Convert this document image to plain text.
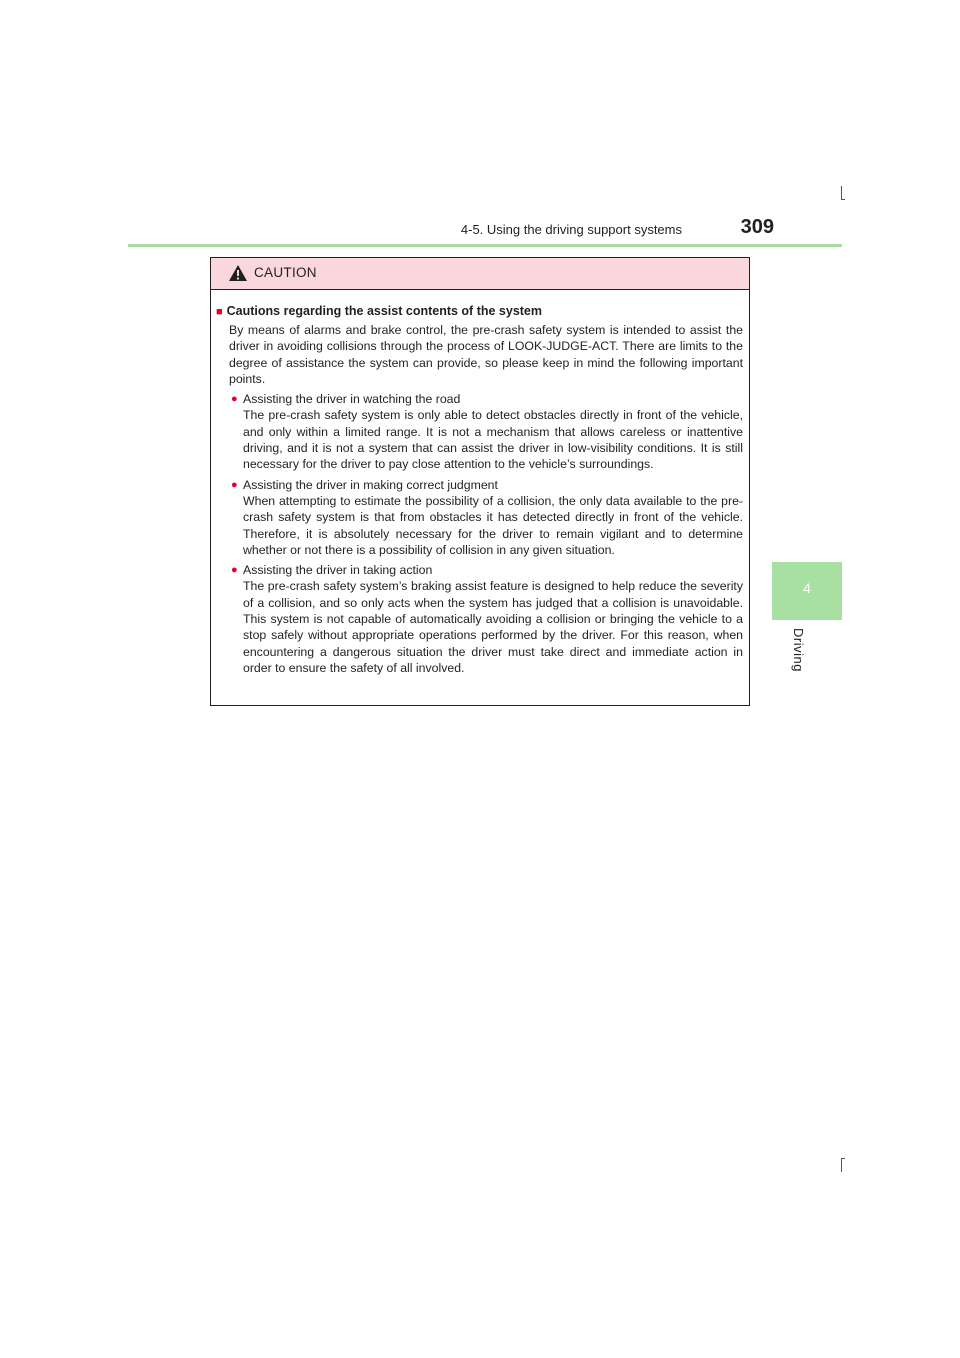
4-5. Using the driving support systems	309
4
Driving
CAUTION
■ Cautions regarding the assist contents of the system

By means of alarms and brake control, the pre-crash safety system is intended to assist the driver in avoiding collisions through the process of LOOK-JUDGE-ACT. There are limits to the degree of assistance the system can provide, so please keep in mind the following important points.

● Assisting the driver in watching the road
The pre-crash safety system is only able to detect obstacles directly in front of the vehicle, and only within a limited range. It is not a mechanism that allows careless or inattentive driving, and it is not a system that can assist the driver in low-visibility conditions. It is still necessary for the driver to pay close attention to the vehicle’s surroundings.
● Assisting the driver in making correct judgment
When attempting to estimate the possibility of a collision, the only data available to the pre-crash safety system is that from obstacles it has detected directly in front of the vehicle. Therefore, it is absolutely necessary for the driver to remain vigilant and to determine whether or not there is a possibility of collision in any given situation.
● Assisting the driver in taking action
The pre-crash safety system’s braking assist feature is designed to help reduce the severity of a collision, and so only acts when the system has judged that a collision is unavoidable. This system is not capable of automatically avoiding a collision or bringing the vehicle to a stop safely without appropriate operations performed by the driver. For this reason, when encountering a dangerous situation the driver must take direct and immediate action in order to ensure the safety of all involved.
